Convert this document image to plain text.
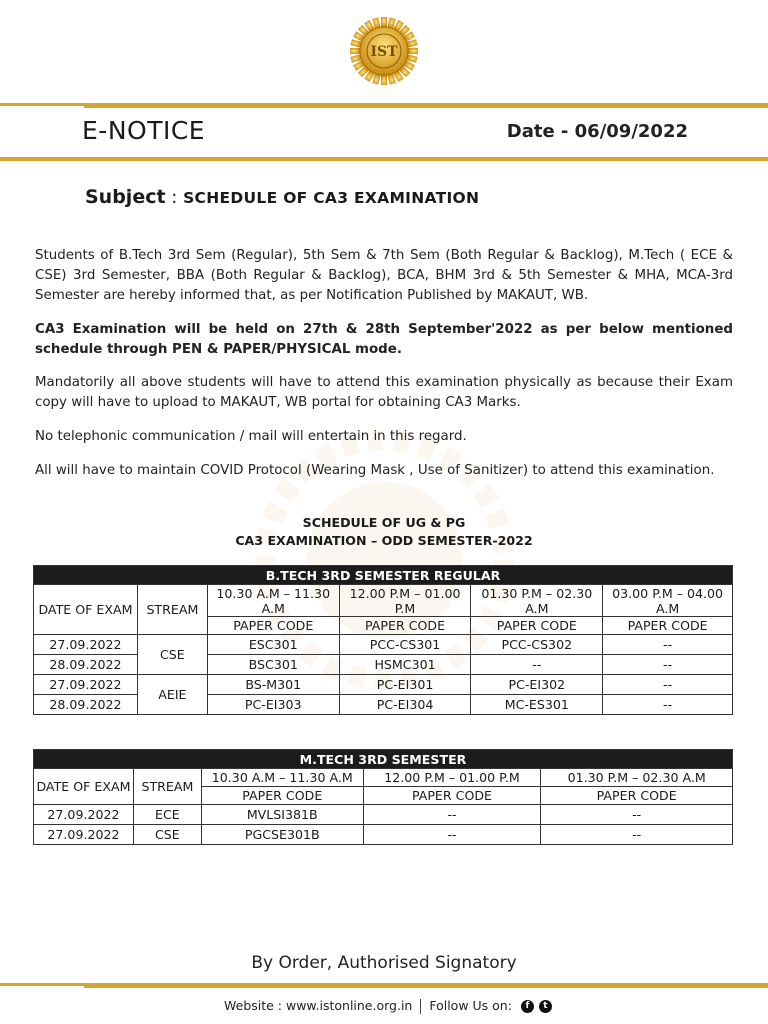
IST
E-NOTICE	Date - 06/09/2022
Subject : SCHEDULE OF CA3 EXAMINATION
Students of B.Tech 3rd Sem (Regular), 5th Sem & 7th Sem (Both Regular & Backlog), M.Tech ( ECE & CSE) 3rd Semester, BBA (Both Regular & Backlog), BCA, BHM 3rd & 5th Semester & MHA, MCA-3rd Semester are hereby informed that, as per Notification Published by MAKAUT, WB.
CA3 Examination will be held on 27th & 28th September'2022 as per below mentioned schedule through PEN & PAPER/PHYSICAL mode.
Mandatorily all above students will have to attend this examination physically as because their Exam copy will have to upload to MAKAUT, WB portal for obtaining CA3 Marks.
No telephonic communication / mail will entertain in this regard.
All will have to maintain COVID Protocol (Wearing Mask , Use of Sanitizer) to attend this examination.
SCHEDULE OF UG & PG
CA3 EXAMINATION – ODD SEMESTER-2022
B.TECH 3RD SEMESTER REGULAR					
DATE OF EXAM	STREAM	10.30 A.M – 11.30 A.M	12.00 P.M – 01.00 P.M	01.30 P.M – 02.30 A.M	03.00 P.M – 04.00 A.M
		PAPER CODE	PAPER CODE	PAPER CODE	PAPER CODE
27.09.2022	CSE	ESC301	PCC-CS301	PCC-CS302	--
28.09.2022		BSC301	HSMC301	--	--
27.09.2022	AEIE	BS-M301	PC-EI301	PC-EI302	--
28.09.2022		PC-EI303	PC-EI304	MC-ES301	--
M.TECH 3RD SEMESTER				
DATE OF EXAM	STREAM	10.30 A.M – 11.30 A.M	12.00 P.M – 01.00 P.M	01.30 P.M – 02.30 A.M
		PAPER CODE	PAPER CODE	PAPER CODE
27.09.2022	ECE	MVLSI381B	--	--
27.09.2022	CSE	PGCSE301B	--	--
By Order, Authorised Signatory
Website : www.istonline.org.in Follow Us on: f t
